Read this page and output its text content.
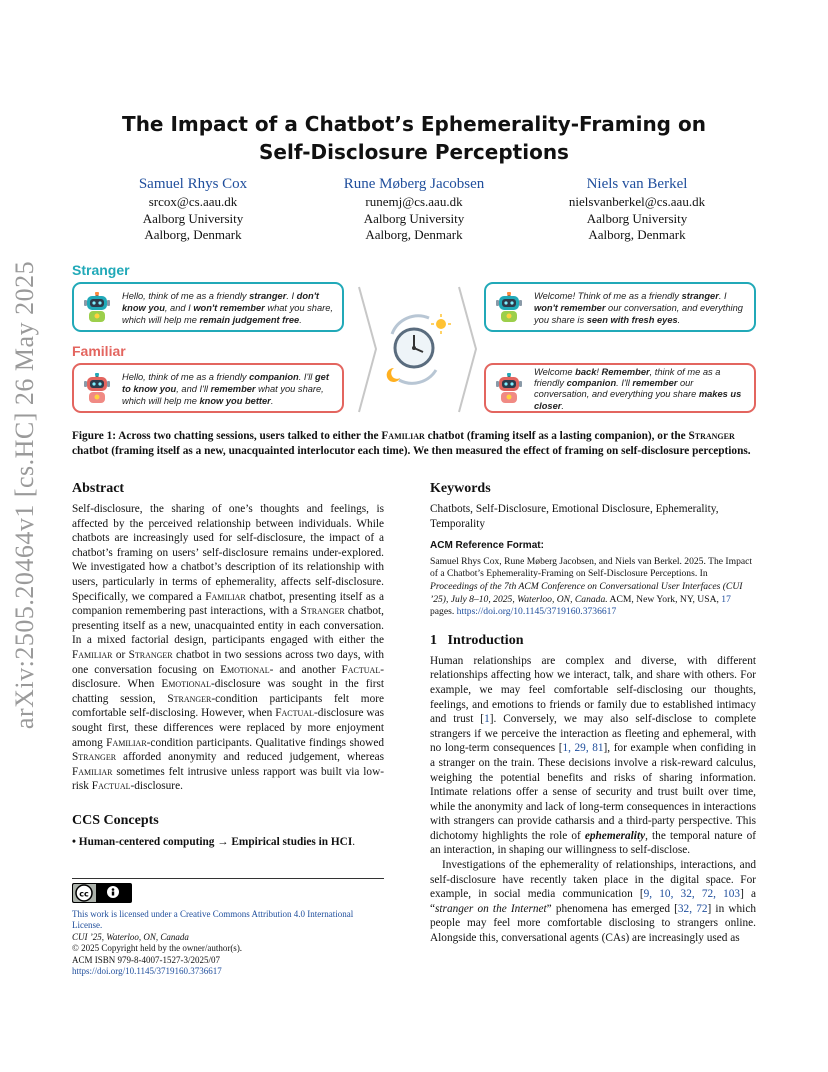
arXiv:2505.20464v1 [cs.HC] 26 May 2025
The Impact of a Chatbot’s Ephemerality-Framing on
Self-Disclosure Perceptions
Samuel Rhys Cox
srcox@cs.aau.dk
Aalborg University
Aalborg, Denmark
Rune Møberg Jacobsen
runemj@cs.aau.dk
Aalborg University
Aalborg, Denmark
Niels van Berkel
nielsvanberkel@cs.aau.dk
Aalborg University
Aalborg, Denmark
Stranger
Familiar
Hello, think of me as a friendly stranger. I don't know you, and I won't remember what you share, which will help me remain judgement free.
Hello, think of me as a friendly companion. I'll get to know you, and I'll remember what you share, which will help me know you better.
Welcome! Think of me as a friendly stranger. I won't remember our conversation, and everything you share is seen with fresh eyes.
Welcome back! Remember, think of me as a friendly companion. I'll remember our conversation, and everything you share makes us closer.
Figure 1: Across two chatting sessions, users talked to either the Familiar chatbot (framing itself as a lasting companion), or the Stranger chatbot (framing itself as a new, unacquainted interlocutor each time). We then measured the effect of framing on self-disclosure perceptions.
Abstract

Self-disclosure, the sharing of one’s thoughts and feelings, is affected by the perceived relationship between individuals. While chatbots are increasingly used for self-disclosure, the impact of a chatbot’s framing on users’ self-disclosure remains under-explored. We investigated how a chatbot’s description of its relationship with users, particularly in terms of ephemerality, affects self-disclosure. Specifically, we compared a Familiar chatbot, presenting itself as a companion remembering past interactions, with a Stranger chatbot, presenting itself as a new, unacquainted entity in each conversation. In a mixed factorial design, participants engaged with either the Familiar or Stranger chatbot in two sessions across two days, with one conversation focusing on Emotional- and another Factual-disclosure. When Emotional-disclosure was sought in the first chatting session, Stranger-condition participants felt more comfortable self-disclosing. However, when Factual-disclosure was sought first, these differences were replaced by more enjoyment among Familiar-condition participants. Qualitative findings showed Stranger afforded anonymity and reduced judgement, whereas Familiar sometimes felt intrusive unless rapport was built via low-risk Factual-disclosure.

CCS Concepts

• Human-centered computing → Empirical studies in HCI.

cc
This work is licensed under a Creative Commons Attribution 4.0 International License.
CUI ’25, Waterloo, ON, Canada
© 2025 Copyright held by the owner/author(s).
ACM ISBN 979-8-4007-1527-3/2025/07
https://doi.org/10.1145/3719160.3736617
Keywords

Chatbots, Self-Disclosure, Emotional Disclosure, Ephemerality, Temporality

ACM Reference Format:

Samuel Rhys Cox, Rune Møberg Jacobsen, and Niels van Berkel. 2025. The Impact of a Chatbot’s Ephemerality-Framing on Self-Disclosure Perceptions. In Proceedings of the 7th ACM Conference on Conversational User Interfaces (CUI ’25), July 8–10, 2025, Waterloo, ON, Canada. ACM, New York, NY, USA, 17 pages. https://doi.org/10.1145/3719160.3736617

1 Introduction

Human relationships are complex and diverse, with different relationships affecting how we interact, talk, and share with others. For example, we may feel comfortable self-disclosing our thoughts, feelings, and emotions to friends or family due to established intimacy and trust [1]. Conversely, we may also self-disclose to complete strangers if we perceive the interaction as fleeting and ephemeral, with no long-term consequences [1, 29, 81], for example when confiding in a stranger on the train. These decisions involve a risk-reward calculus, weighing the potential benefits and risks of sharing information. Intimate relations offer a sense of security and trust built over time, while the anonymity and lack of long-term consequences in interactions with strangers can provide catharsis and a third-party perspective. This dichotomy highlights the role of ephemerality, the temporal nature of an interaction, in shaping our willingness to self-disclose.

Investigations of the ephemerality of relationships, interactions, and self-disclosure have recently taken place in the digital space. For example, in social media communication [9, 10, 32, 72, 103] a “stranger on the Internet” phenomena has emerged [32, 72] in which people may feel more comfortable disclosing to strangers online. Alongside this, conversational agents (CAs) are increasingly used as
